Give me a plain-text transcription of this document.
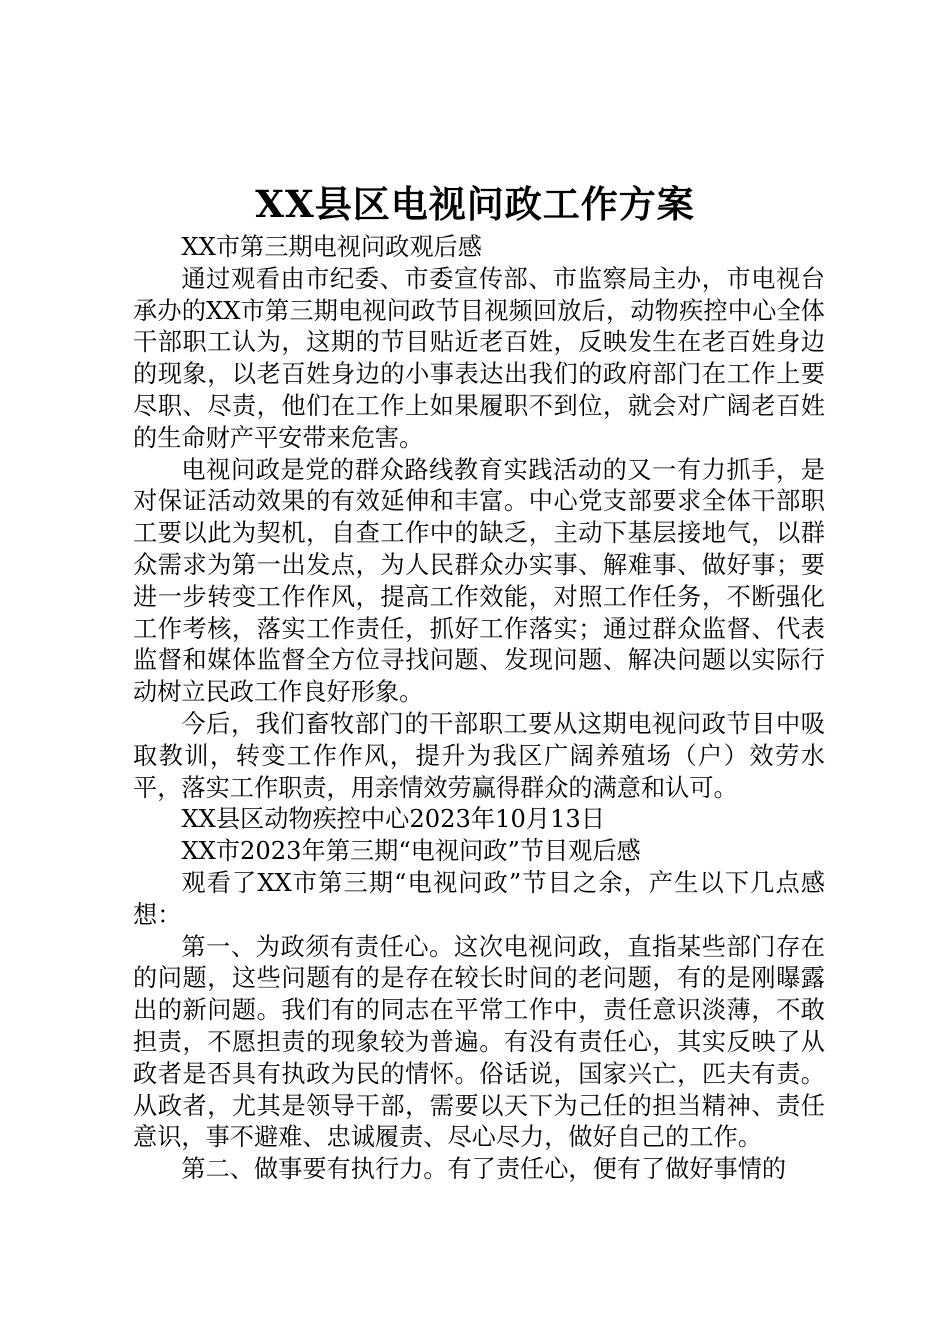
XX县区电视问政工作方案

XX市第三期电视问政观后感

通过观看由市纪委、市委宣传部、市监察局主办，市电视台承办的XX市第三期电视问政节目视频回放后，动物疾控中心全体干部职工认为，这期的节目贴近老百姓，反映发生在老百姓身边的现象，以老百姓身边的小事表达出我们的政府部门在工作上要尽职、尽责，他们在工作上如果履职不到位，就会对广阔老百姓的生命财产平安带来危害。

电视问政是党的群众路线教育实践活动的又一有力抓手，是对保证活动效果的有效延伸和丰富。中心党支部要求全体干部职工要以此为契机，自查工作中的缺乏，主动下基层接地气，以群众需求为第一出发点，为人民群众办实事、解难事、做好事；要进一步转变工作作风，提高工作效能，对照工作任务，不断强化工作考核，落实工作责任，抓好工作落实；通过群众监督、代表监督和媒体监督全方位寻找问题、发现问题、解决问题以实际行动树立民政工作良好形象。

今后，我们畜牧部门的干部职工要从这期电视问政节目中吸取教训，转变工作作风，提升为我区广阔养殖场（户）效劳水平，落实工作职责，用亲情效劳赢得群众的满意和认可。

XX县区动物疾控中心2023年10月13日

XX市2023年第三期“电视问政”节目观后感

观看了XX市第三期“电视问政”节目之余，产生以下几点感想：

第一、为政须有责任心。这次电视问政，直指某些部门存在的问题，这些问题有的是存在较长时间的老问题，有的是刚曝露出的新问题。我们有的同志在平常工作中，责任意识淡薄，不敢担责，不愿担责的现象较为普遍。有没有责任心，其实反映了从政者是否具有执政为民的情怀。俗话说，国家兴亡，匹夫有责。从政者，尤其是领导干部，需要以天下为己任的担当精神、责任意识，事不避难、忠诚履责、尽心尽力，做好自己的工作。

第二、做事要有执行力。有了责任心，便有了做好事情的
